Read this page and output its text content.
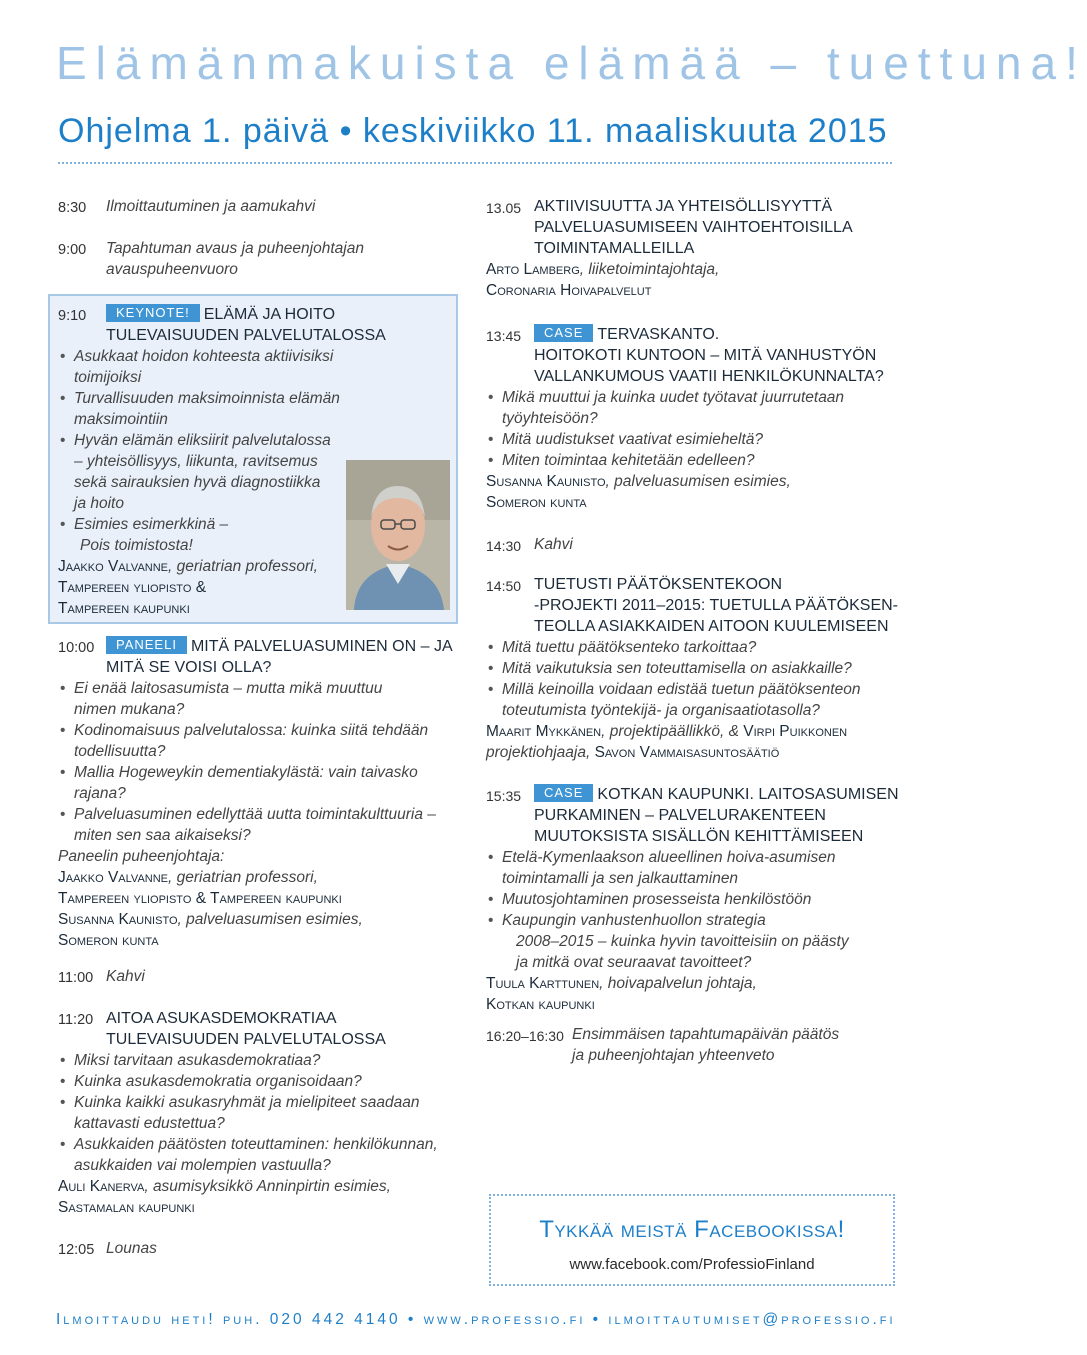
Elämänmakuista elämää – tuettuna!
Ohjelma 1. päivä • keskiviikko 11. maaliskuuta 2015
8:30 Ilmoittautuminen ja aamukahvi
9:00 Tapahtuman avaus ja puheenjohtajan
avauspuheenvuoro
9:10	KEYNOTE! ELÄMÄ JA HOITO
TULEVAISUUDEN PALVELUTALOSSA
• Asukkaat hoidon kohteesta aktiivisiksi
toimijoiksi
• Turvallisuuden maksimoinnista elämän
maksimointiin
• Hyvän elämän eliksiirit palvelutalossa
– yhteisöllisyys, liikunta, ravitsemus
sekä sairauksien hyvä diagnostiikka
ja hoito
• Esimies esimerkkinä –
Pois toimistosta!
Jaakko Valvanne, geriatrian professori,
Tampereen yliopisto &
Tampereen kaupunki
10:00	PANEELI MITÄ PALVELUASUMINEN ON – JA
MITÄ SE VOISI OLLA?
• Ei enää laitosasumista – mutta mikä muuttuu
nimen mukana?
• Kodinomaisuus palvelutalossa: kuinka siitä tehdään
todellisuutta?
• Mallia Hogeweykin dementiakylästä: vain taivasko
rajana?
• Palveluasuminen edellyttää uutta toimintakulttuuria –
miten sen saa aikaiseksi?
Paneelin puheenjohtaja:
Jaakko Valvanne, geriatrian professori,
Tampereen yliopisto & Tampereen kaupunki
Susanna Kaunisto, palveluasumisen esimies,
Someron kunta
11:00 Kahvi
11:20 AITOA ASUKASDEMOKRATIAA
TULEVAISUUDEN PALVELUTALOSSA
• Miksi tarvitaan asukasdemokratiaa?
• Kuinka asukasdemokratia organisoidaan?
• Kuinka kaikki asukasryhmät ja mielipiteet saadaan
kattavasti edustettua?
• Asukkaiden päätösten toteuttaminen: henkilökunnan,
asukkaiden vai molempien vastuulla?
Auli Kanerva, asumisyksikkö Anninpirtin esimies,
Sastamalan kaupunki
12:05 Lounas
13.05 AKTIIVISUUTTA JA YHTEISÖLLISYYTTÄ
PALVELUASUMISEEN VAIHTOEHTOISILLA
TOIMINTAMALLEILLA
Arto Lamberg, liiketoimintajohtaja,
Coronaria Hoivapalvelut
13:45	CASE TERVASKANTO.
HOITOKOTI KUNTOON – MITÄ VANHUSTYÖN
VALLANKUMOUS VAATII HENKILÖKUNNALTA?
• Mikä muuttui ja kuinka uudet työtavat juurrutetaan
työyhteisöön?
• Mitä uudistukset vaativat esimieheltä?
• Miten toimintaa kehitetään edelleen?
Susanna Kaunisto, palveluasumisen esimies,
Someron kunta
14:30 Kahvi
14:50 TUETUSTI PÄÄTÖKSENTEKOON
-PROJEKTI 2011–2015: TUETULLA PÄÄTÖKSEN-
TEOLLA ASIAKKAIDEN AITOON KUULEMISEEN
• Mitä tuettu päätöksenteko tarkoittaa?
• Mitä vaikutuksia sen toteuttamisella on asiakkaille?
• Millä keinoilla voidaan edistää tuetun päätöksenteon
toteutumista työntekijä- ja organisaatiotasolla?
Maarit Mykkänen, projektipäällikkö, & Virpi Puikkonen
projektiohjaaja, Savon Vammaisasuntosäätiö
15:35	CASE KOTKAN KAUPUNKI. LAITOSASUMISEN
PURKAMINEN – PALVELURAKENTEEN
MUUTOKSISTA SISÄLLÖN KEHITTÄMISEEN
• Etelä-Kymenlaakson alueellinen hoiva-asumisen
toimintamalli ja sen jalkauttaminen
• Muutosjohtaminen prosesseista henkilöstöön
• Kaupungin vanhustenhuollon strategia
2008–2015 – kuinka hyvin tavoitteisiin on päästy
ja mitkä ovat seuraavat tavoitteet?
Tuula Karttunen, hoivapalvelun johtaja,
Kotkan kaupunki
16:20–16:30 Ensimmäisen tapahtumapäivän päätös
ja puheenjohtajan yhteenveto
Tykkää meistä Facebookissa!
www.facebook.com/ProfessioFinland
Ilmoittaudu heti! puh. 020 442 4140 • www.professio.fi • ilmoittautumiset@professio.fi
